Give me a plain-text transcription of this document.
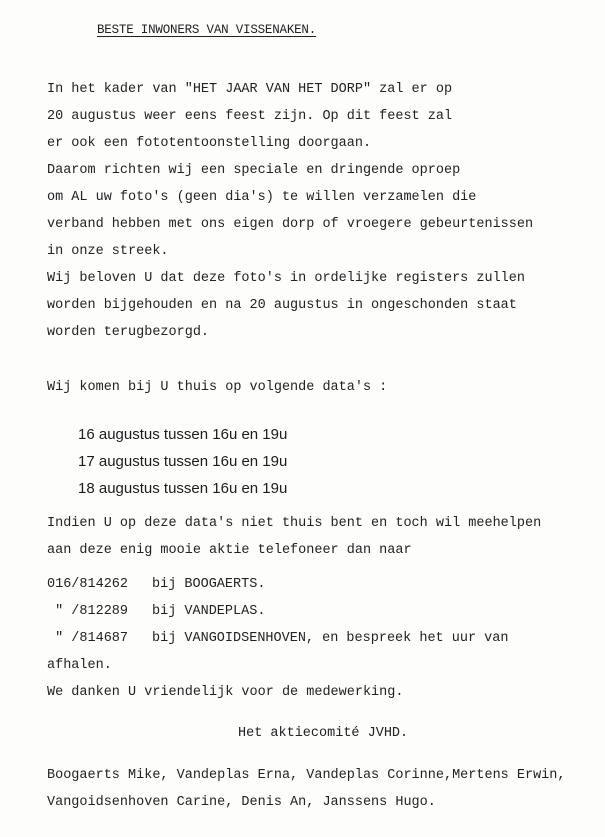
BESTE INWONERS VAN VISSENAKEN.
In het kader van "HET JAAR VAN HET DORP" zal er op
20 augustus weer eens feest zijn. Op dit feest zal
er ook een fototentoonstelling doorgaan.
Daarom richten wij een speciale en dringende oproep
om AL uw foto's (geen dia's) te willen verzamelen die
verband hebben met ons eigen dorp of vroegere gebeurtenissen
in onze streek.
Wij beloven U dat deze foto's in ordelijke registers zullen
worden bijgehouden en na 20 augustus in ongeschonden staat
worden terugbezorgd.
Wij komen bij U thuis op volgende data's :
16 augustus tussen 16u en 19u
17 augustus tussen 16u en 19u
18 augustus tussen 16u en 19u
Indien U op deze data's niet thuis bent en toch wil meehelpen
aan deze enig mooie aktie telefoneer dan naar
016/814262 bij BOOGAERTS.
" /812289 bij VANDEPLAS.
" /814687 bij VANGOIDSENHOVEN, en bespreek het uur van
afhalen.
We danken U vriendelijk voor de medewerking.
Het aktiecomité JVHD.
Boogaerts Mike, Vandeplas Erna, Vandeplas Corinne,Mertens Erwin,
Vangoidsenhoven Carine, Denis An, Janssens Hugo.
